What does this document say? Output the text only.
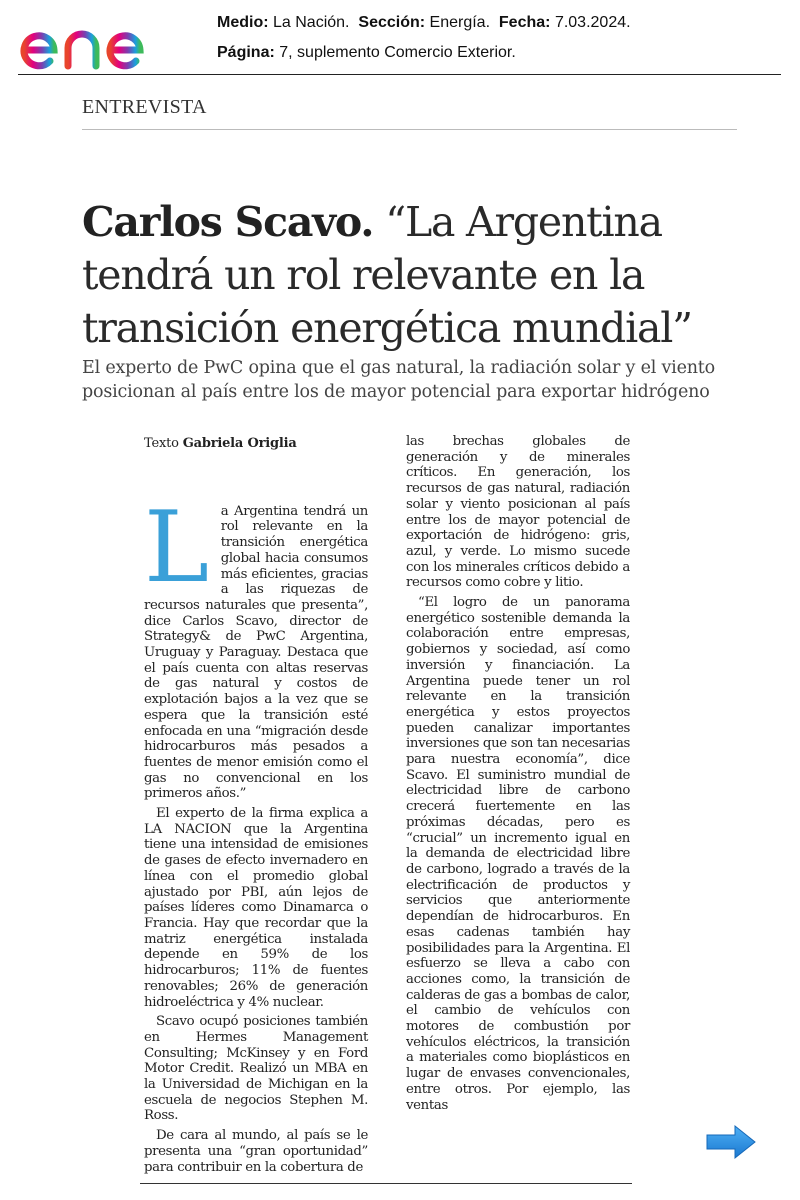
Medio: La Nación. Sección: Energía. Fecha: 7.03.2024.
Página: 7, suplemento Comercio Exterior.
ENTREVISTA
Carlos Scavo. “La Argentina tendrá un rol relevante en la transición energética mundial”
El experto de PwC opina que el gas natural, la radiación solar y el viento posicionan al país entre los de mayor potencial para exportar hidrógeno
Texto Gabriela Origlia

La Argentina tendrá un rol relevante en la transición energética global hacia consumos más eficientes, gracias a las riquezas de recursos naturales que presenta”, dice Carlos Scavo, director de Strategy& de PwC Argentina, Uruguay y Paraguay. Destaca que el país cuenta con altas reservas de gas natural y costos de explotación bajos a la vez que se espera que la transición esté enfocada en una “migración desde hidrocarburos más pesados a fuentes de menor emisión como el gas no convencional en los primeros años.”

El experto de la firma explica a LA NACION que la Argentina tiene una intensidad de emisiones de gases de efecto invernadero en línea con el promedio global ajustado por PBI, aún lejos de países líderes como Dinamarca o Francia. Hay que recordar que la matriz energética instalada depende en 59% de los hidrocarburos; 11% de fuentes renovables; 26% de generación hidroeléctrica y 4% nuclear.

Scavo ocupó posiciones también en Hermes Management Consulting; McKinsey y en Ford Motor Credit. Realizó un MBA en la Universidad de Michigan en la escuela de negocios Stephen M. Ross.

De cara al mundo, al país se le presenta una “gran oportunidad” para contribuir en la cobertura de

las brechas globales de generación y de minerales críticos. En generación, los recursos de gas natural, radiación solar y viento posicionan al país entre los de mayor potencial de exportación de hidrógeno: gris, azul, y verde. Lo mismo sucede con los minerales críticos debido a recursos como cobre y litio.

“El logro de un panorama energético sostenible demanda la colaboración entre empresas, gobiernos y sociedad, así como inversión y financiación. La Argentina puede tener un rol relevante en la transición energética y estos proyectos pueden canalizar importantes inversiones que son tan necesarias para nuestra economía”, dice Scavo. El suministro mundial de electricidad libre de carbono crecerá fuertemente en las próximas décadas, pero es “crucial” un incremento igual en la demanda de electricidad libre de carbono, logrado a través de la electrificación de productos y servicios que anteriormente dependían de hidrocarburos. En esas cadenas también hay posibilidades para la Argentina. El esfuerzo se lleva a cabo con acciones como, la transición de calderas de gas a bombas de calor, el cambio de vehículos con motores de combustión por vehículos eléctricos, la transición a materiales como bioplásticos en lugar de envases convencionales, entre otros. Por ejemplo, las ventas
